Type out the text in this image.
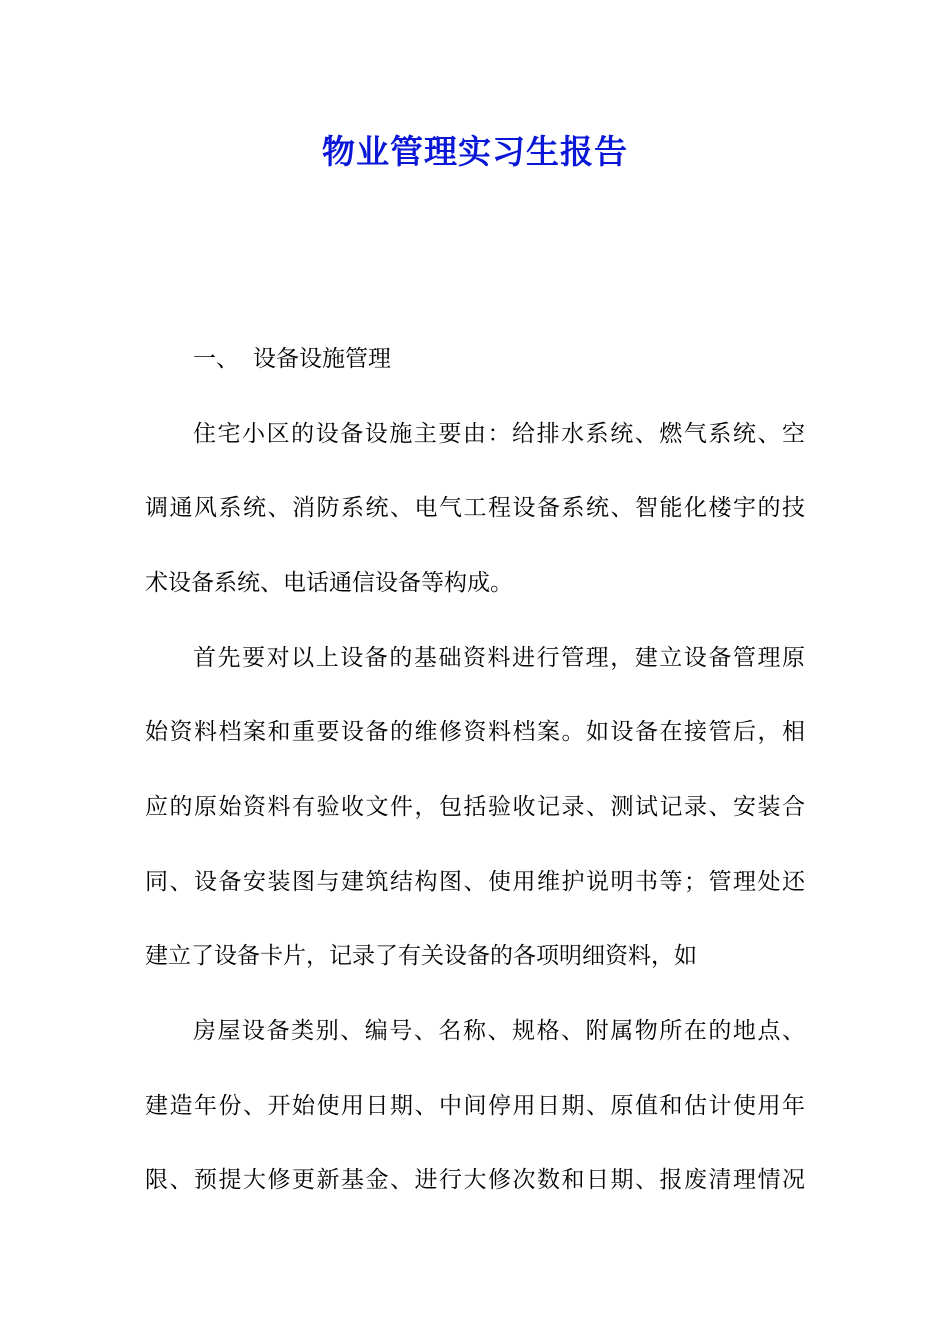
物业管理实习生报告

一、 设备设施管理

住宅小区的设备设施主要由：给排水系统、燃气系统、空

调通风系统、消防系统、电气工程设备系统、智能化楼宇的技

术设备系统、电话通信设备等构成。

首先要对以上设备的基础资料进行管理，建立设备管理原

始资料档案和重要设备的维修资料档案。如设备在接管后，相

应的原始资料有验收文件，包括验收记录、测试记录、安装合

同、设备安装图与建筑结构图、使用维护说明书等；管理处还

建立了设备卡片，记录了有关设备的各项明细资料，如

房屋设备类别、编号、名称、规格、附属物所在的地点、

建造年份、开始使用日期、中间停用日期、原值和估计使用年

限、预提大修更新基金、进行大修次数和日期、报废清理情况
